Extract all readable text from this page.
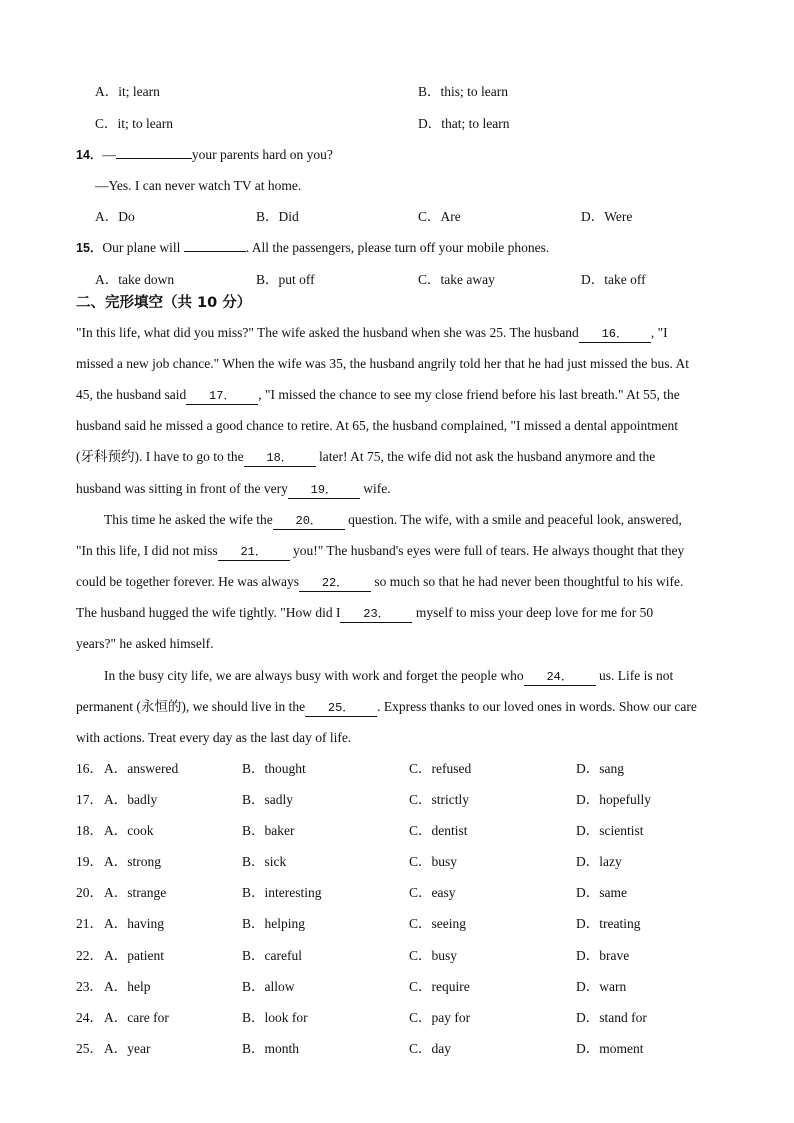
A．it; learn	B．this; to learn
C．it; to learn	D．that; to learn
14．—	your parents hard on you?
—Yes. I can never watch TV at home.
A．Do	B．Did	C．Are	D．Were
15．Our plane will	. All the passengers, please turn off your mobile phones.
A．take down	B．put off	C．take away	D．take off
二、完形填空（共 10 分）
"In this life, what did you miss?" The wife asked the husband when she was 25. The husband 16． , "I
missed a new job chance." When the wife was 35, the husband angrily told her that he had just missed the bus. At
45, the husband said 17． , "I missed the chance to see my close friend before his last breath." At 55, the
husband said he missed a good chance to retire. At 65, the husband complained, "I missed a dental appointment
(牙科预约). I have to go to the 18． later! At 75, the wife did not ask the husband anymore and the
husband was sitting in front of the very 19． wife.
This time he asked the wife the 20． question. The wife, with a smile and peaceful look, answered,
"In this life, I did not miss 21． you!" The husband's eyes were full of tears. He always thought that they
could be together forever. He was always 22． so much so that he had never been thoughtful to his wife.
The husband hugged the wife tightly. "How did I 23． myself to miss your deep love for me for 50
years?" he asked himself.
In the busy city life, we are always busy with work and forget the people who 24． us. Life is not
permanent (永恒的), we should live in the 25． . Express thanks to our loved ones in words. Show our care
with actions. Treat every day as the last day of life.
16． A．answered	B．thought	C．refused	D．sang
17． A．badly	B．sadly	C．strictly	D．hopefully
18． A．cook	B．baker	C．dentist	D．scientist
19． A．strong	B．sick	C．busy	D．lazy
20． A．strange	B．interesting	C．easy	D．same
21． A．having	B．helping	C．seeing	D．treating
22． A．patient	B．careful	C．busy	D．brave
23． A．help	B．allow	C．require	D．warn
24． A．care for	B．look for	C．pay for	D．stand for
25． A．year	B．month	C．day	D．moment
